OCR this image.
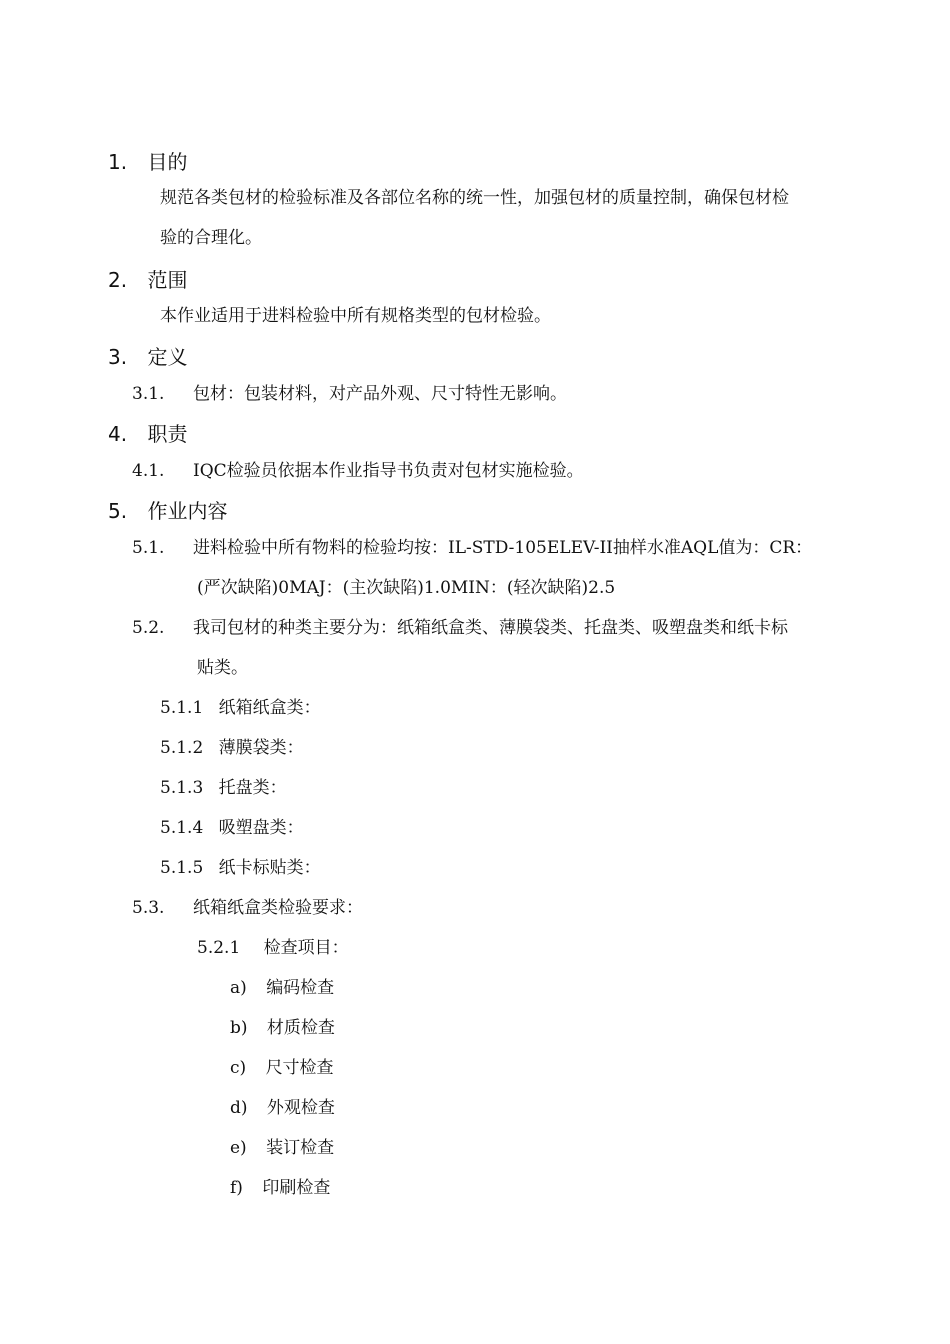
1. 目的
规范各类包材的检验标准及各部位名称的统一性，加强包材的质量控制，确保包材检
验的合理化。
2. 范围
本作业适用于进料检验中所有规格类型的包材检验。
3. 定义
3.1. 包材：包装材料，对产品外观、尺寸特性无影响。
4. 职责
4.1. IQC检验员依据本作业指导书负责对包材实施检验。
5. 作业内容
5.1. 进料检验中所有物料的检验均按：IL-STD-105ELEV-II抽样水准AQL值为：CR：
(严次缺陷)0MAJ：(主次缺陷)1.0MIN：(轻次缺陷)2.5
5.2. 我司包材的种类主要分为：纸箱纸盒类、薄膜袋类、托盘类、吸塑盘类和纸卡标
贴类。
5.1.1 纸箱纸盒类：
5.1.2 薄膜袋类：
5.1.3 托盘类：
5.1.4 吸塑盘类：
5.1.5 纸卡标贴类：
5.3. 纸箱纸盒类检验要求：
5.2.1 检查项目：
a) 编码检查
b) 材质检查
c) 尺寸检查
d) 外观检查
e) 装订检查
f) 印刷检查
